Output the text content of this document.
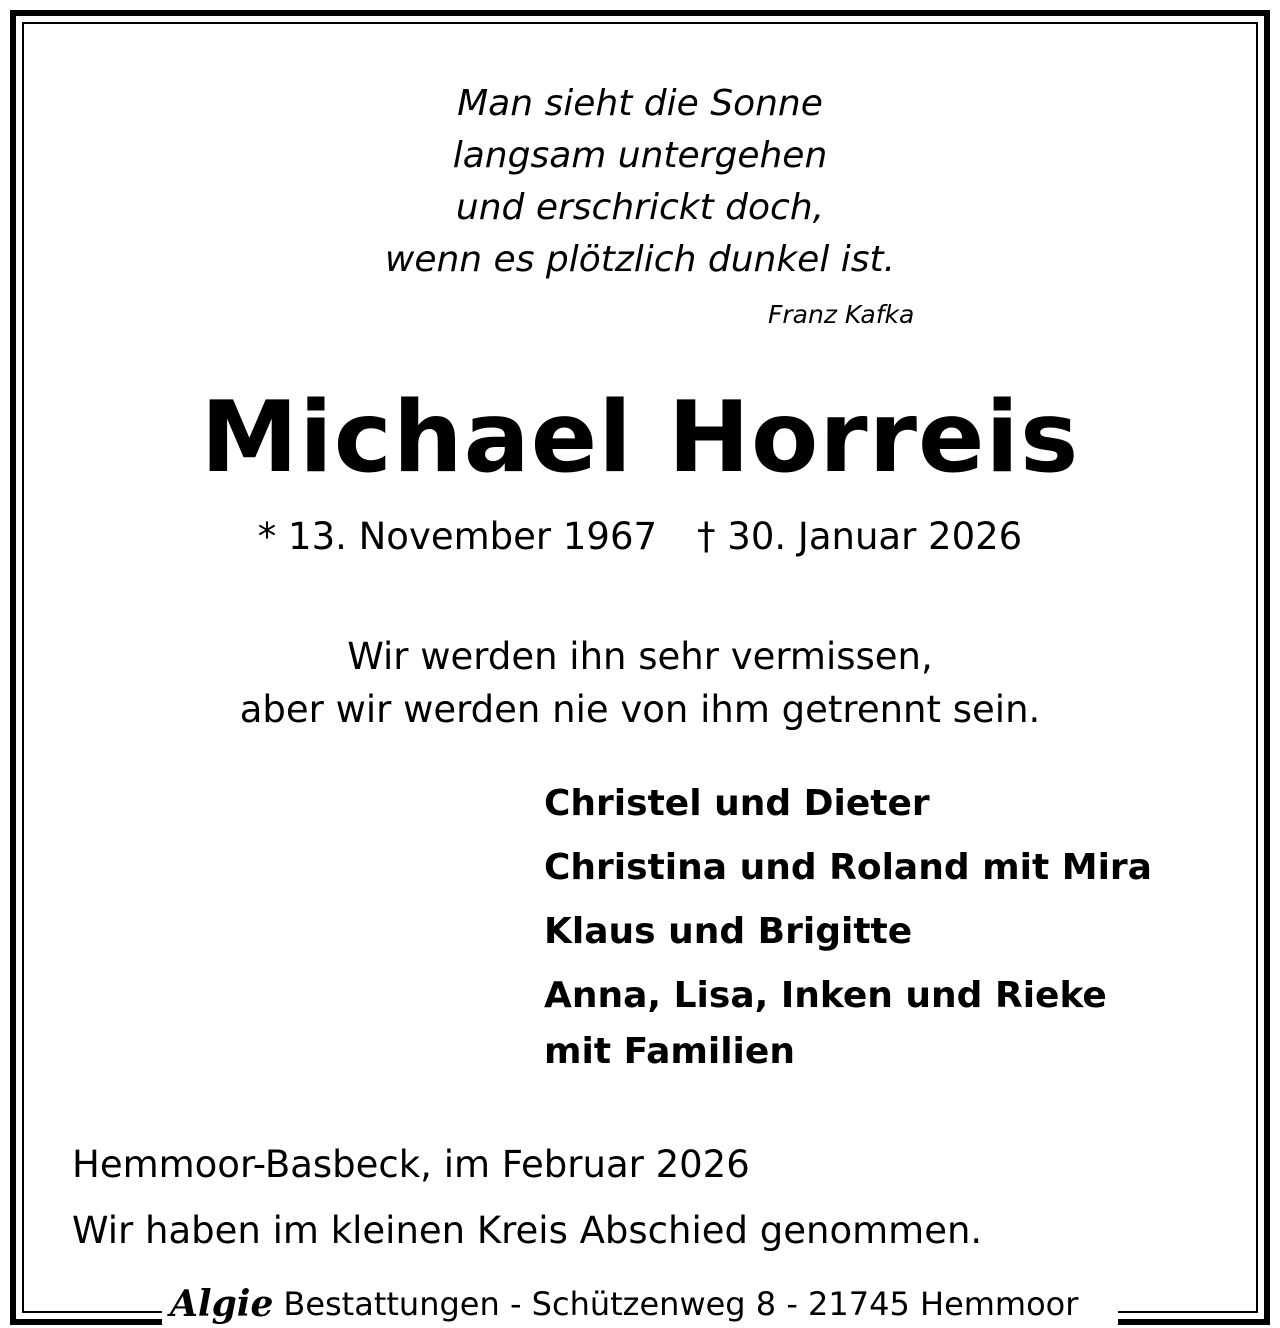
Man sieht die Sonne
langsam untergehen
und erschrickt doch,
wenn es plötzlich dunkel ist.
Franz Kafka
Michael Horreis
* 13. November 1967 † 30. Januar 2026
Wir werden ihn sehr vermissen,
aber wir werden nie von ihm getrennt sein.
Christel und Dieter
Christina und Roland mit Mira
Klaus und Brigitte
Anna, Lisa, Inken und Rieke
mit Familien
Hemmoor-Basbeck, im Februar 2026
Wir haben im kleinen Kreis Abschied genommen.
Algie Bestattungen - Schützenweg 8 - 21745 Hemmoor
